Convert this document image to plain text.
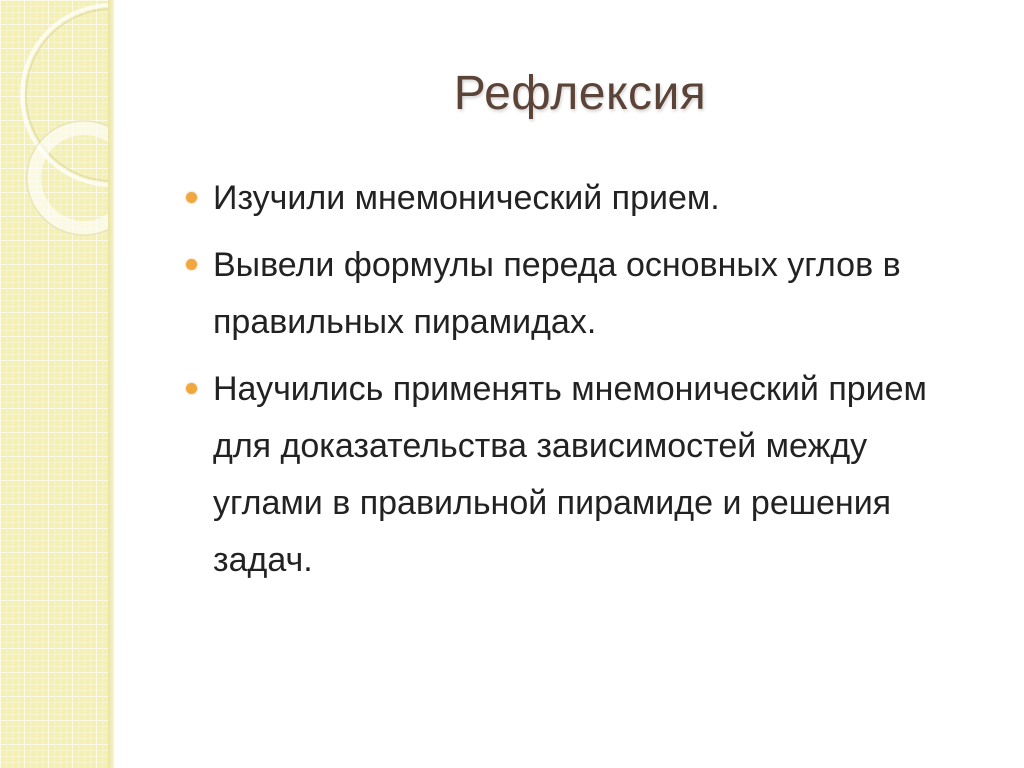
Рефлексия
Изучили мнемонический прием.
Вывели формулы переда основных углов в правильных пирамидах.
Научились применять мнемонический прием для доказательства зависимостей между углами в правильной пирамиде и решения задач.
